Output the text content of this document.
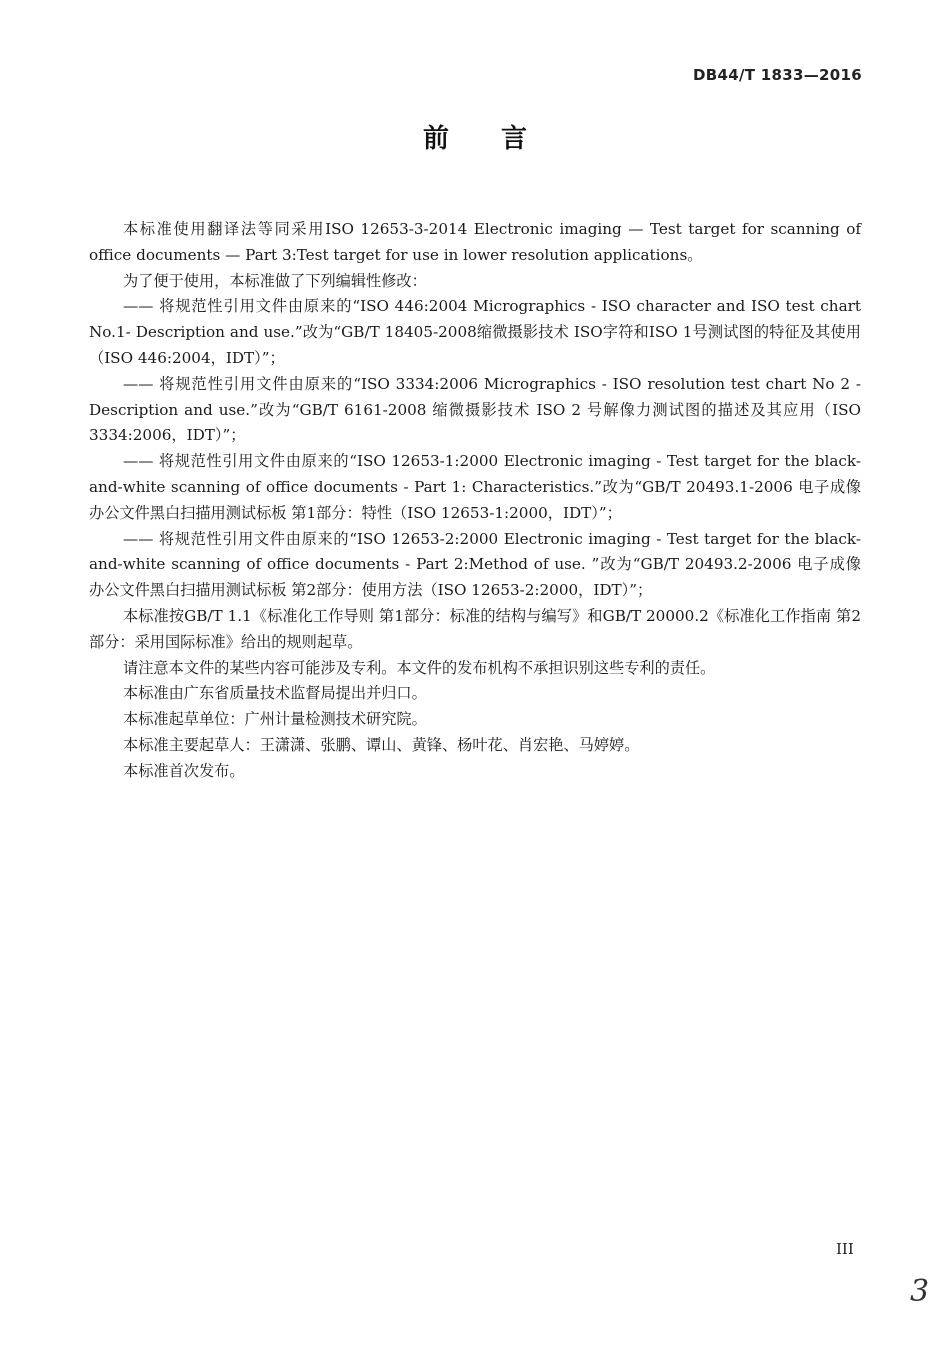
DB44/T 1833—2016
前言

本标准使用翻译法等同采用ISO 12653-3-2014 Electronic imaging — Test target for scanning of office documents — Part 3:Test target for use in lower resolution applications。

为了便于使用，本标准做了下列编辑性修改：

—— 将规范性引用文件由原来的“ISO 446:2004 Micrographics - ISO character and ISO test chart No.1- Description and use.”改为“GB/T 18405-2008缩微摄影技术 ISO字符和ISO 1号测试图的特征及其使用（ISO 446:2004，IDT）”；

—— 将规范性引用文件由原来的“ISO 3334:2006 Micrographics - ISO resolution test chart No 2 - Description and use.”改为“GB/T 6161-2008 缩微摄影技术 ISO 2 号解像力测试图的描述及其应用（ISO 3334:2006，IDT）”；

—— 将规范性引用文件由原来的“ISO 12653-1:2000 Electronic imaging - Test target for the black-and-white scanning of office documents - Part 1: Characteristics.”改为“GB/T 20493.1-2006 电子成像 办公文件黑白扫描用测试标板 第1部分：特性（ISO 12653-1:2000，IDT）”；

—— 将规范性引用文件由原来的“ISO 12653-2:2000 Electronic imaging - Test target for the black-and-white scanning of office documents - Part 2:Method of use. ”改为“GB/T 20493.2-2006 电子成像 办公文件黑白扫描用测试标板 第2部分：使用方法（ISO 12653-2:2000，IDT）”；

本标准按GB/T 1.1《标准化工作导则 第1部分：标准的结构与编写》和GB/T 20000.2《标准化工作指南 第2部分：采用国际标准》给出的规则起草。

请注意本文件的某些内容可能涉及专利。本文件的发布机构不承担识别这些专利的责任。

本标准由广东省质量技术监督局提出并归口。

本标准起草单位：广州计量检测技术研究院。

本标准主要起草人：王潇潇、张鹏、谭山、黄锋、杨叶花、肖宏艳、马婷婷。

本标准首次发布。

III
3
